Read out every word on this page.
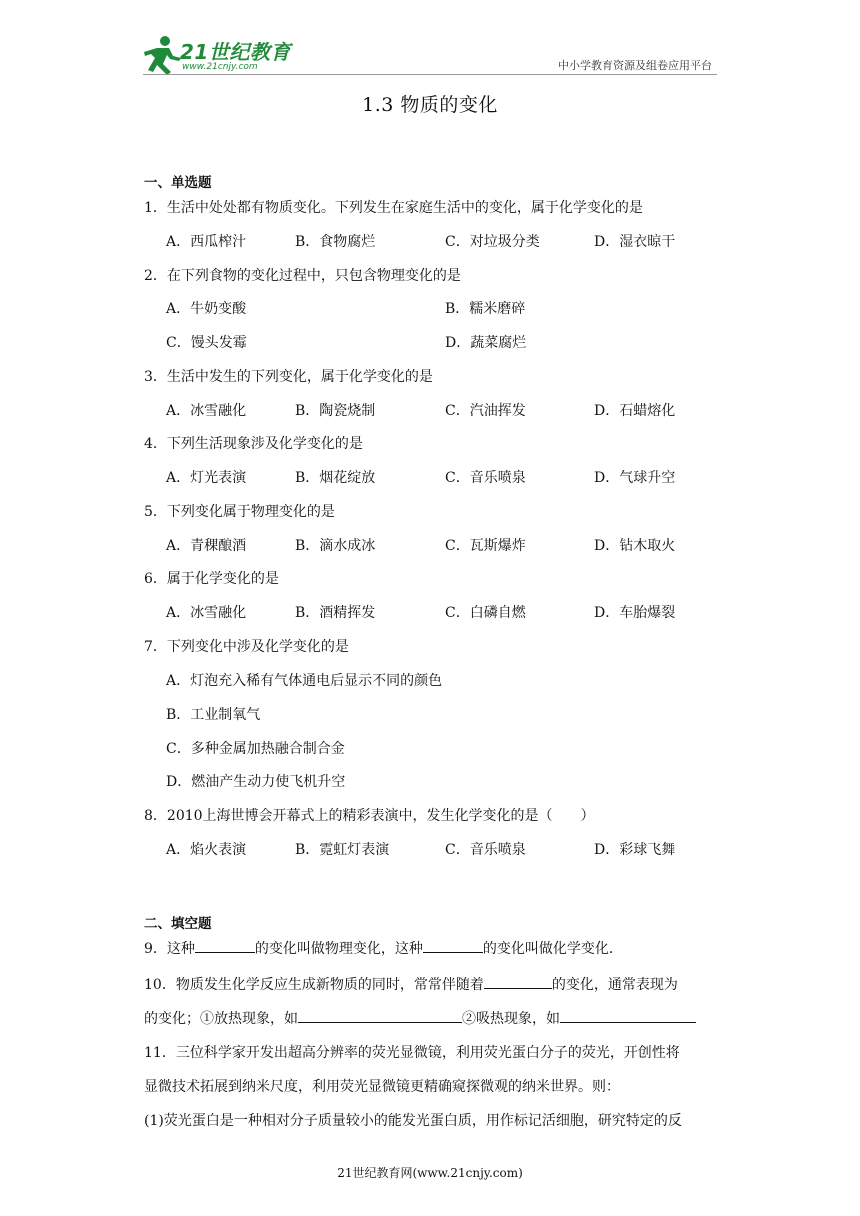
21世纪教育
www.21cnjy.com	中小学教育资源及组卷应用平台
1.3 物质的变化
一、单选题
1．生活中处处都有物质变化。下列发生在家庭生活中的变化，属于化学变化的是
A．西瓜榨汁	B．食物腐烂	C．对垃圾分类	D．湿衣晾干
2．在下列食物的变化过程中，只包含物理变化的是
A．牛奶变酸	B．糯米磨碎
C．馒头发霉	D．蔬菜腐烂
3．生活中发生的下列变化，属于化学变化的是
A．冰雪融化	B．陶瓷烧制	C．汽油挥发	D．石蜡熔化
4．下列生活现象涉及化学变化的是
A．灯光表演	B．烟花绽放	C．音乐喷泉	D．气球升空
5．下列变化属于物理变化的是
A．青稞酿酒	B．滴水成冰	C．瓦斯爆炸	D．钻木取火
6．属于化学变化的是
A．冰雪融化	B．酒精挥发	C．白磷自燃	D．车胎爆裂
7．下列变化中涉及化学变化的是
A．灯泡充入稀有气体通电后显示不同的颜色
B．工业制氧气
C．多种金属加热融合制合金
D．燃油产生动力使飞机升空
8．2010上海世博会开幕式上的精彩表演中，发生化学变化的是（　　）
A．焰火表演	B．霓虹灯表演	C．音乐喷泉	D．彩球飞舞
二、填空题
9．这种	的变化叫做物理变化，这种	的变化叫做化学变化．
10．物质发生化学反应生成新物质的同时，常常伴随着	的变化，通常表现为
的变化；①放热现象，如	②吸热现象，如
11．三位科学家开发出超高分辨率的荧光显微镜，利用荧光蛋白分子的荧光，开创性将
显微技术拓展到纳米尺度，利用荧光显微镜更精确窥探微观的纳米世界。则：
(1)荧光蛋白是一种相对分子质量较小的能发光蛋白质，用作标记活细胞，研究特定的反
21世纪教育网(www.21cnjy.com)
